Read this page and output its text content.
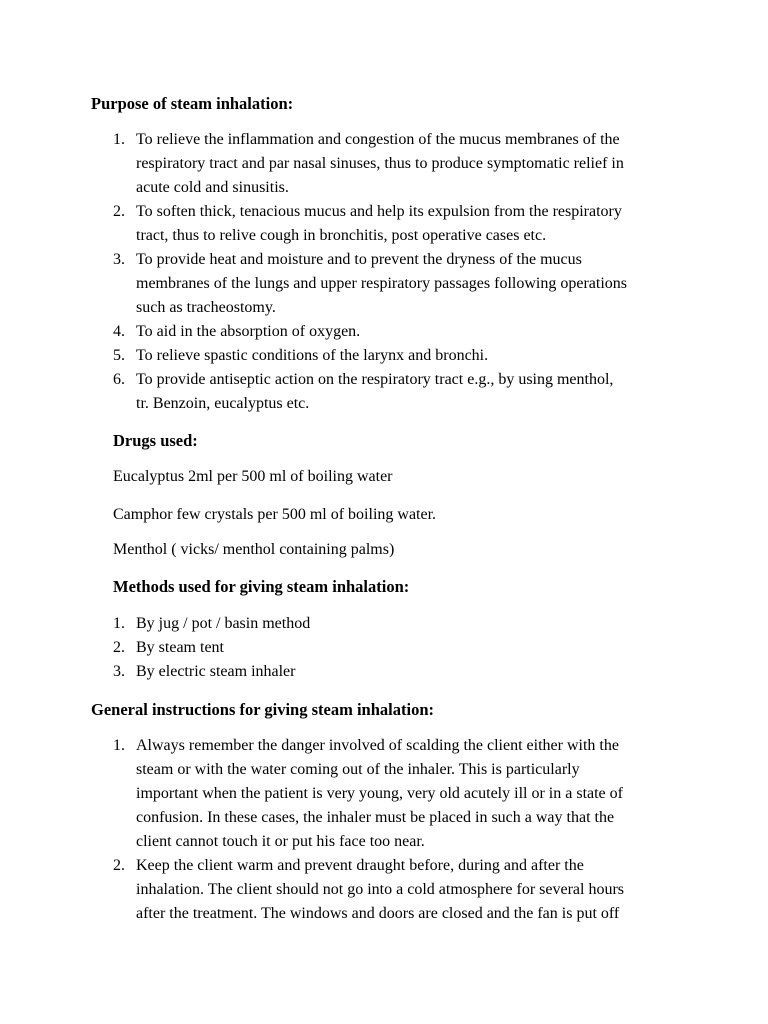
Purpose of steam inhalation:
1. To relieve the inflammation and congestion of the mucus membranes of the
respiratory tract and par nasal sinuses, thus to produce symptomatic relief in
acute cold and sinusitis.
2. To soften thick, tenacious mucus and help its expulsion from the respiratory
tract, thus to relive cough in bronchitis, post operative cases etc.
3. To provide heat and moisture and to prevent the dryness of the mucus
membranes of the lungs and upper respiratory passages following operations
such as tracheostomy.
4. To aid in the absorption of oxygen.
5. To relieve spastic conditions of the larynx and bronchi.
6. To provide antiseptic action on the respiratory tract e.g., by using menthol,
tr. Benzoin, eucalyptus etc.
Drugs used:
Eucalyptus 2ml per 500 ml of boiling water
Camphor few crystals per 500 ml of boiling water.
Menthol ( vicks/ menthol containing palms)
Methods used for giving steam inhalation:
1. By jug / pot / basin method
2. By steam tent
3. By electric steam inhaler
General instructions for giving steam inhalation:
1. Always remember the danger involved of scalding the client either with the
steam or with the water coming out of the inhaler. This is particularly
important when the patient is very young, very old acutely ill or in a state of
confusion. In these cases, the inhaler must be placed in such a way that the
client cannot touch it or put his face too near.
2. Keep the client warm and prevent draught before, during and after the
inhalation. The client should not go into a cold atmosphere for several hours
after the treatment. The windows and doors are closed and the fan is put off
